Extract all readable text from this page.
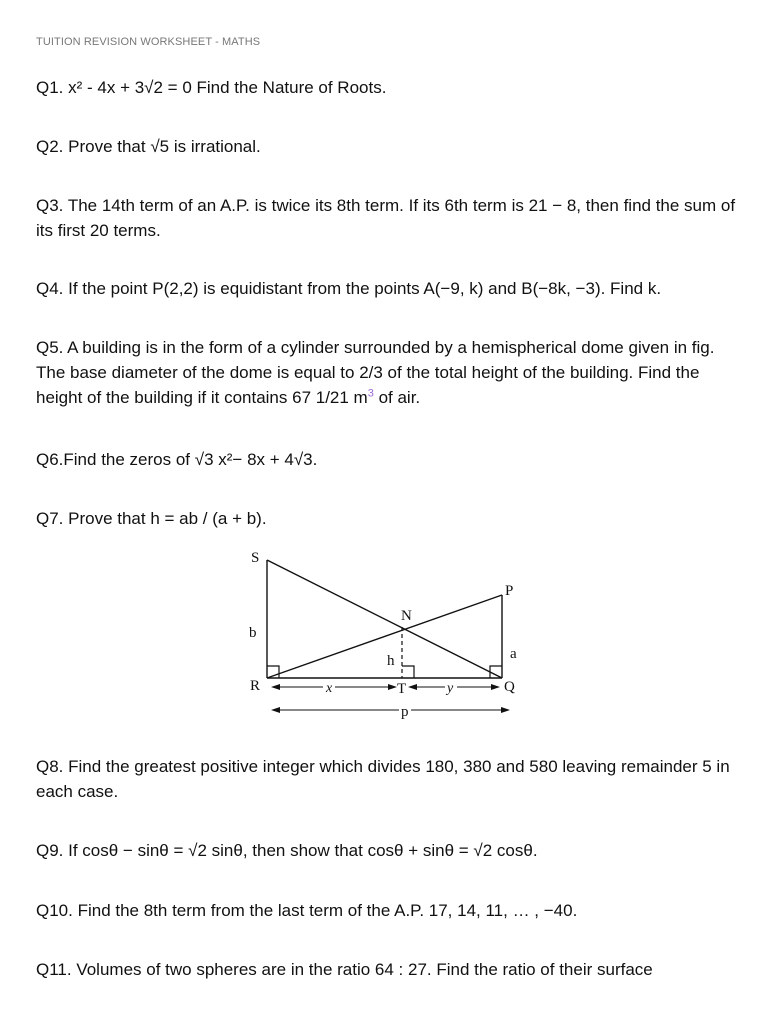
TUITION REVISION WORKSHEET - MATHS
Q1. x² - 4x + 3√2 = 0 Find the Nature of Roots.
Q2. Prove that √5 is irrational.
Q3. The 14th term of an A.P. is twice its 8th term. If its 6th term is 21 − 8, then find the sum of its first 20 terms.
Q4. If the point P(2,2) is equidistant from the points A(−9, k) and B(−8k, −3). Find k.
Q5. A building is in the form of a cylinder surrounded by a hemispherical dome given in fig. The base diameter of the dome is equal to 2/3 of the total height of the building. Find the height of the building if it contains 67 1/21 $m^3$ of air.
Q6.Find the zeros of √3 x²− 8x + 4√3.
Q7. Prove that h = ab / (a + b).
S
P
N
b
a
h
R	T	Q
x	y
p
Q8. Find the greatest positive integer which divides 180, 380 and 580 leaving remainder 5 in each case.
Q9. If cosθ − sinθ = √2 sinθ, then show that cosθ + sinθ = √2 cosθ.
Q10. Find the 8th term from the last term of the A.P. 17, 14, 11, … , −40.
Q11. Volumes of two spheres are in the ratio 64 : 27. Find the ratio of their surface
